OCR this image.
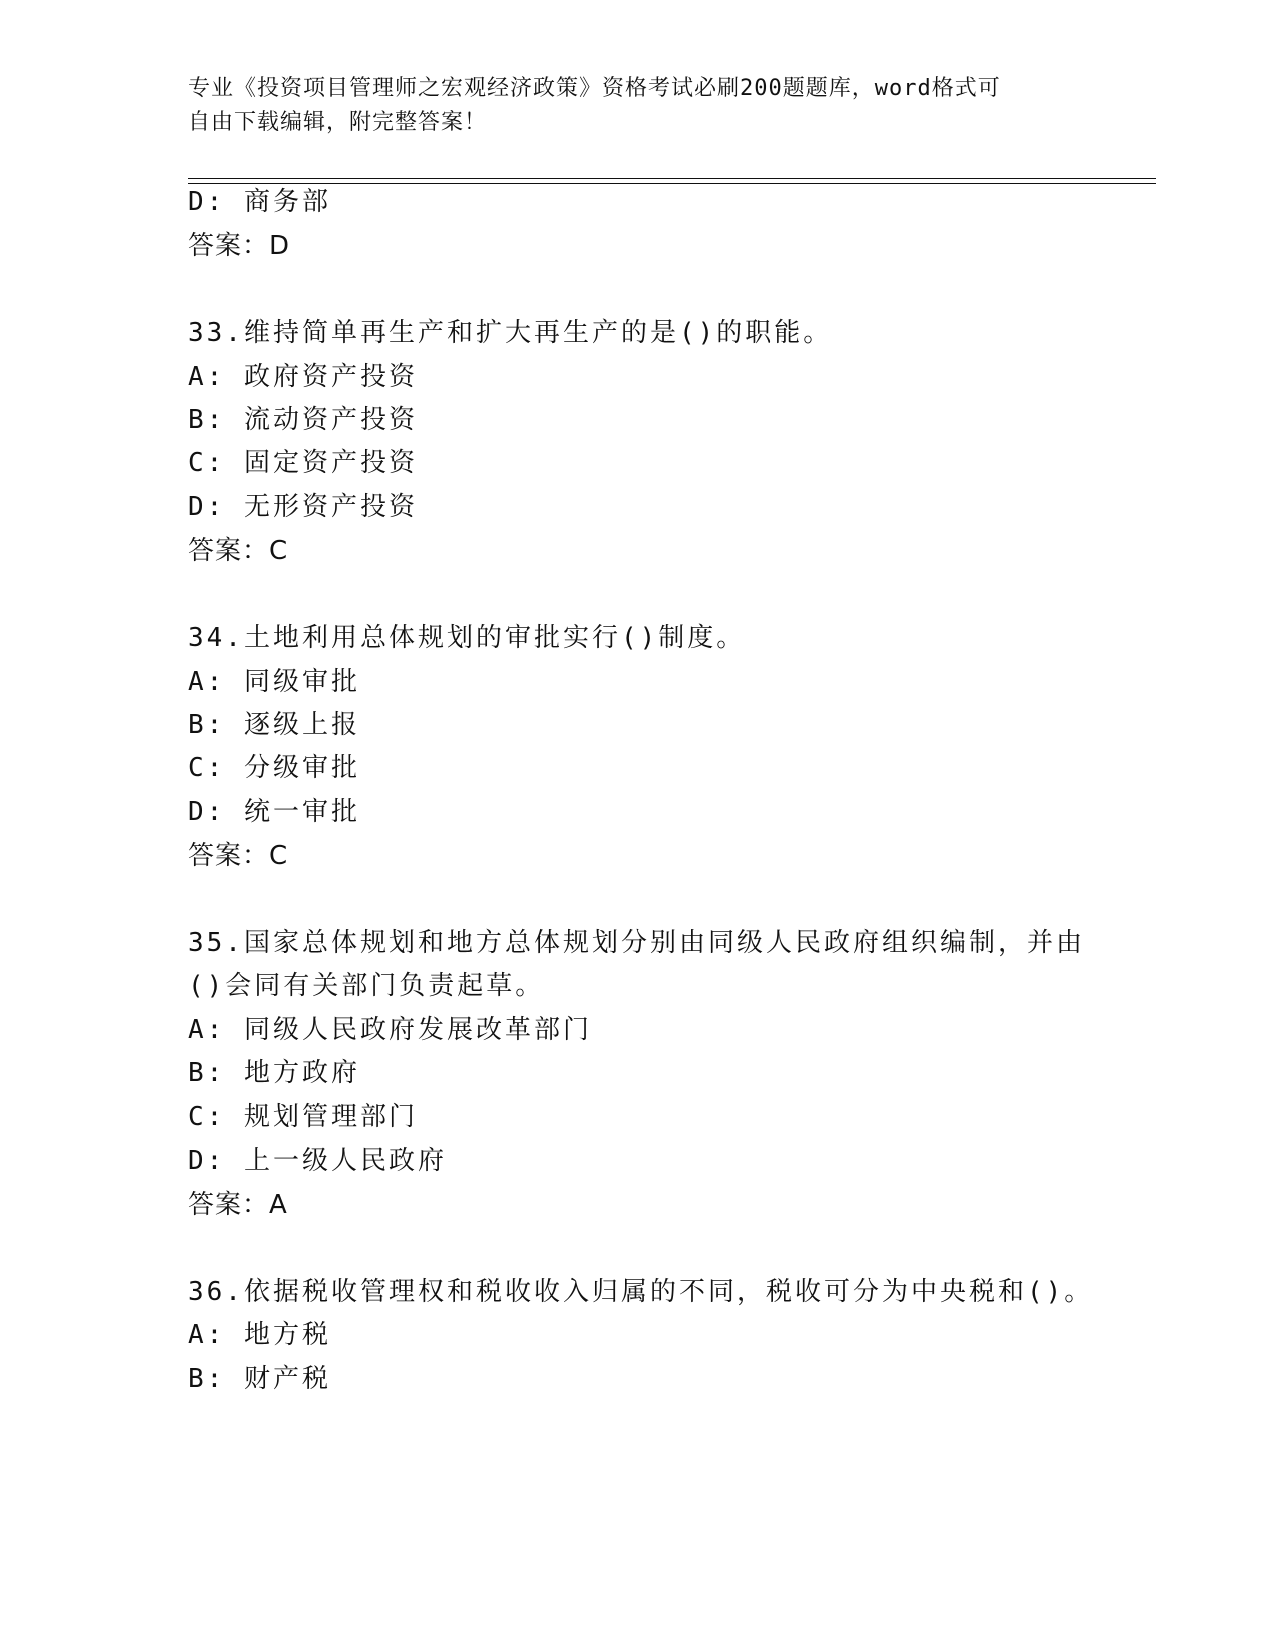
专业《投资项目管理师之宏观经济政策》资格考试必刷200题题库，word格式可
自由下载编辑，附完整答案！
D: 商务部
答案：D
33.维持简单再生产和扩大再生产的是()的职能。
A: 政府资产投资
B: 流动资产投资
C: 固定资产投资
D: 无形资产投资
答案：C
34.土地利用总体规划的审批实行()制度。
A: 同级审批
B: 逐级上报
C: 分级审批
D: 统一审批
答案：C
35.国家总体规划和地方总体规划分别由同级人民政府组织编制，并由
()会同有关部门负责起草。
A: 同级人民政府发展改革部门
B: 地方政府
C: 规划管理部门
D: 上一级人民政府
答案：A
36.依据税收管理权和税收收入归属的不同，税收可分为中央税和()。
A: 地方税
B: 财产税
